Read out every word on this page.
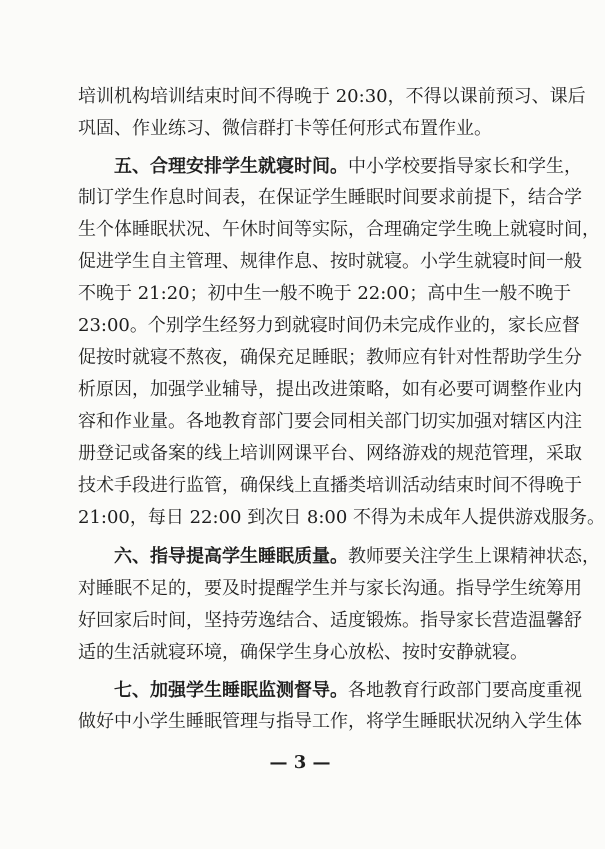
培训机构培训结束时间不得晚于 20:30，不得以课前预习、课后
巩固、作业练习、微信群打卡等任何形式布置作业。
五、合理安排学生就寝时间。中小学校要指导家长和学生，
制订学生作息时间表，在保证学生睡眠时间要求前提下，结合学
生个体睡眠状况、午休时间等实际，合理确定学生晚上就寝时间，
促进学生自主管理、规律作息、按时就寝。小学生就寝时间一般
不晚于 21:20；初中生一般不晚于 22:00；高中生一般不晚于
23:00。个别学生经努力到就寝时间仍未完成作业的，家长应督
促按时就寝不熬夜，确保充足睡眠；教师应有针对性帮助学生分
析原因，加强学业辅导，提出改进策略，如有必要可调整作业内
容和作业量。各地教育部门要会同相关部门切实加强对辖区内注
册登记或备案的线上培训网课平台、网络游戏的规范管理，采取
技术手段进行监管，确保线上直播类培训活动结束时间不得晚于
21:00，每日 22:00 到次日 8:00 不得为未成年人提供游戏服务。
六、指导提高学生睡眠质量。教师要关注学生上课精神状态，
对睡眠不足的，要及时提醒学生并与家长沟通。指导学生统筹用
好回家后时间，坚持劳逸结合、适度锻炼。指导家长营造温馨舒
适的生活就寝环境，确保学生身心放松、按时安静就寝。
七、加强学生睡眠监测督导。各地教育行政部门要高度重视
做好中小学生睡眠管理与指导工作，将学生睡眠状况纳入学生体
— 3 —
